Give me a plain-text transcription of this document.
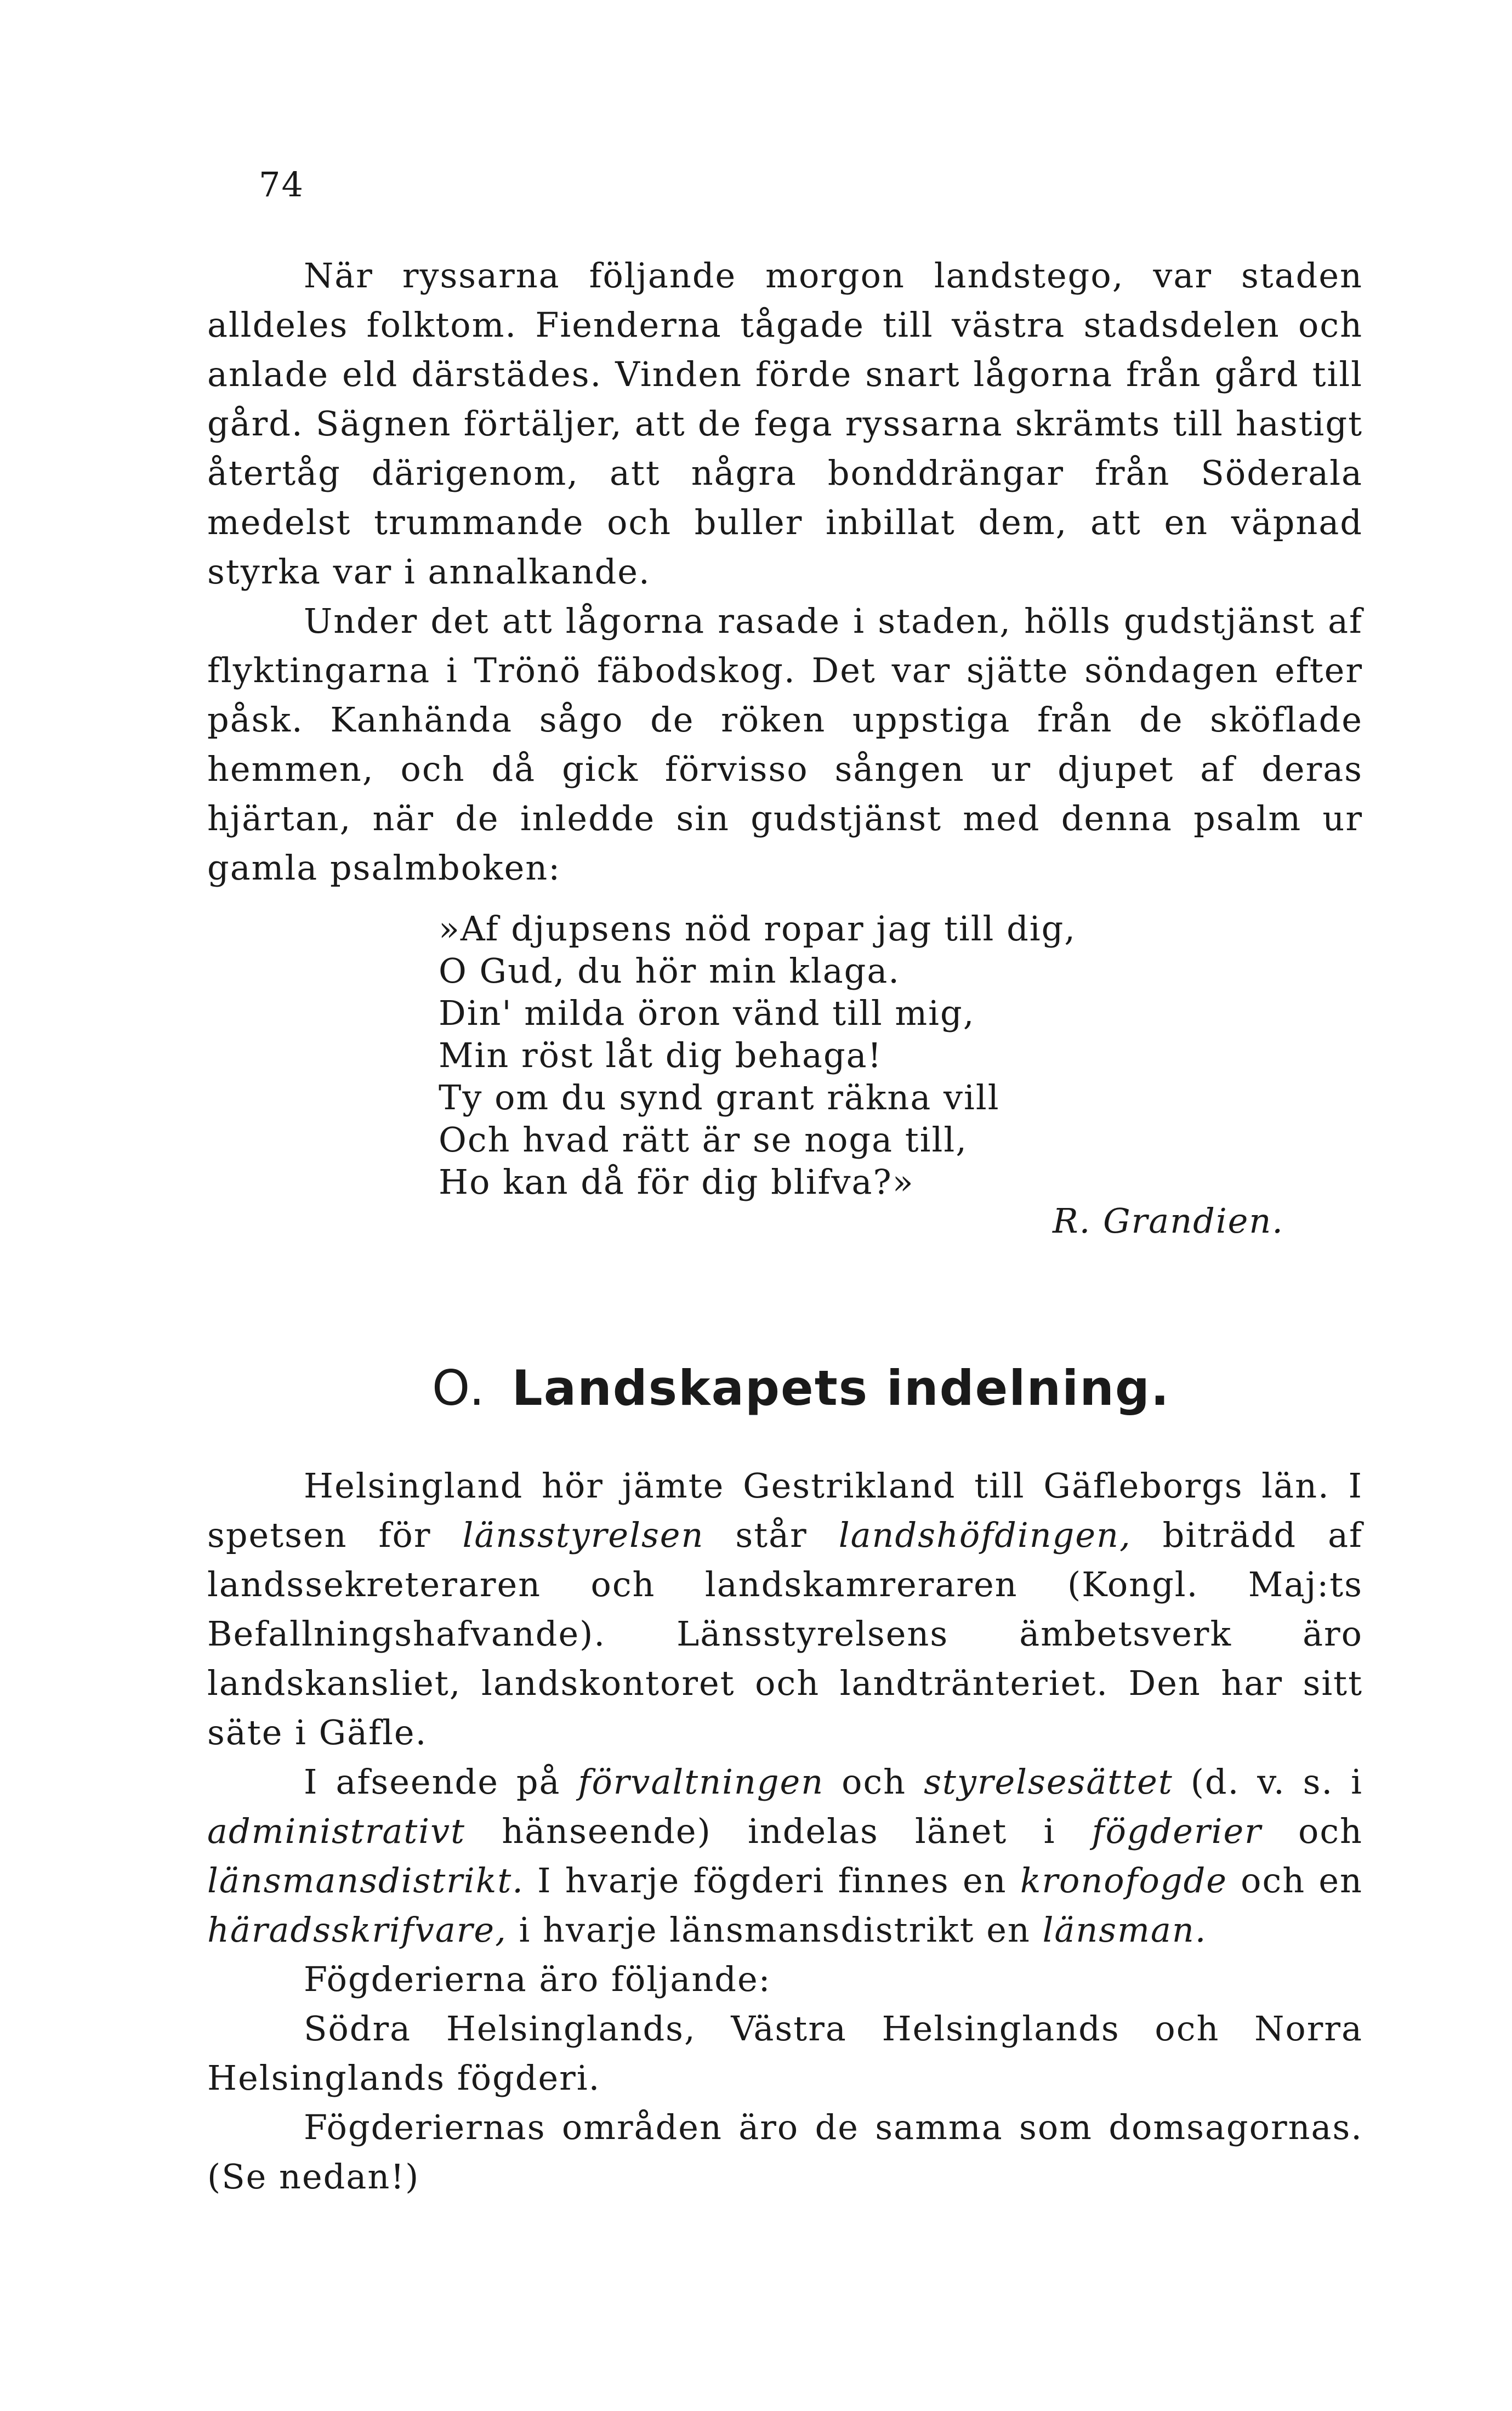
74

När ryssarna följande morgon landstego, var staden alldeles folktom. Fienderna tågade till västra stadsdelen och anlade eld därstädes. Vinden förde snart lågorna från gård till gård. Sägnen förtäljer, att de fega ryssarna skrämts till hastigt återtåg därigenom, att några bonddrängar från Söderala medelst trummande och buller inbillat dem, att en väpnad styrka var i annalkande.

Under det att lågorna rasade i staden, hölls gudstjänst af flyktingarna i Trönö fäbodskog. Det var sjätte söndagen efter påsk. Kanhända sågo de röken uppstiga från de sköflade hemmen, och då gick förvisso sången ur djupet af deras hjärtan, när de inledde sin gudstjänst med denna psalm ur gamla psalmboken:

»Af djupsens nöd ropar jag till dig,
O Gud, du hör min klaga.
Din' milda öron vänd till mig,
Min röst låt dig behaga!
Ty om du synd grant räkna vill
Och hvad rätt är se noga till,
Ho kan då för dig blifva?»
R. Grandien.
O. Landskapets indelning.

Helsingland hör jämte Gestrikland till Gäfleborgs län. I spetsen för länsstyrelsen står landshöfdingen, biträdd af landssekreteraren och landskamreraren (Kongl. Maj:ts Befallningshafvande). Länsstyrelsens ämbetsverk äro landskansliet, landskontoret och landtränteriet. Den har sitt säte i Gäfle.

I afseende på förvaltningen och styrelsesättet (d. v. s. i administrativt hänseende) indelas länet i fögderier och länsmansdistrikt. I hvarje fögderi finnes en kronofogde och en häradsskrifvare, i hvarje länsmansdistrikt en länsman.

Fögderierna äro följande:

Södra Helsinglands, Västra Helsinglands och Norra Helsinglands fögderi.

Fögderiernas områden äro de samma som domsagornas. (Se nedan!)
